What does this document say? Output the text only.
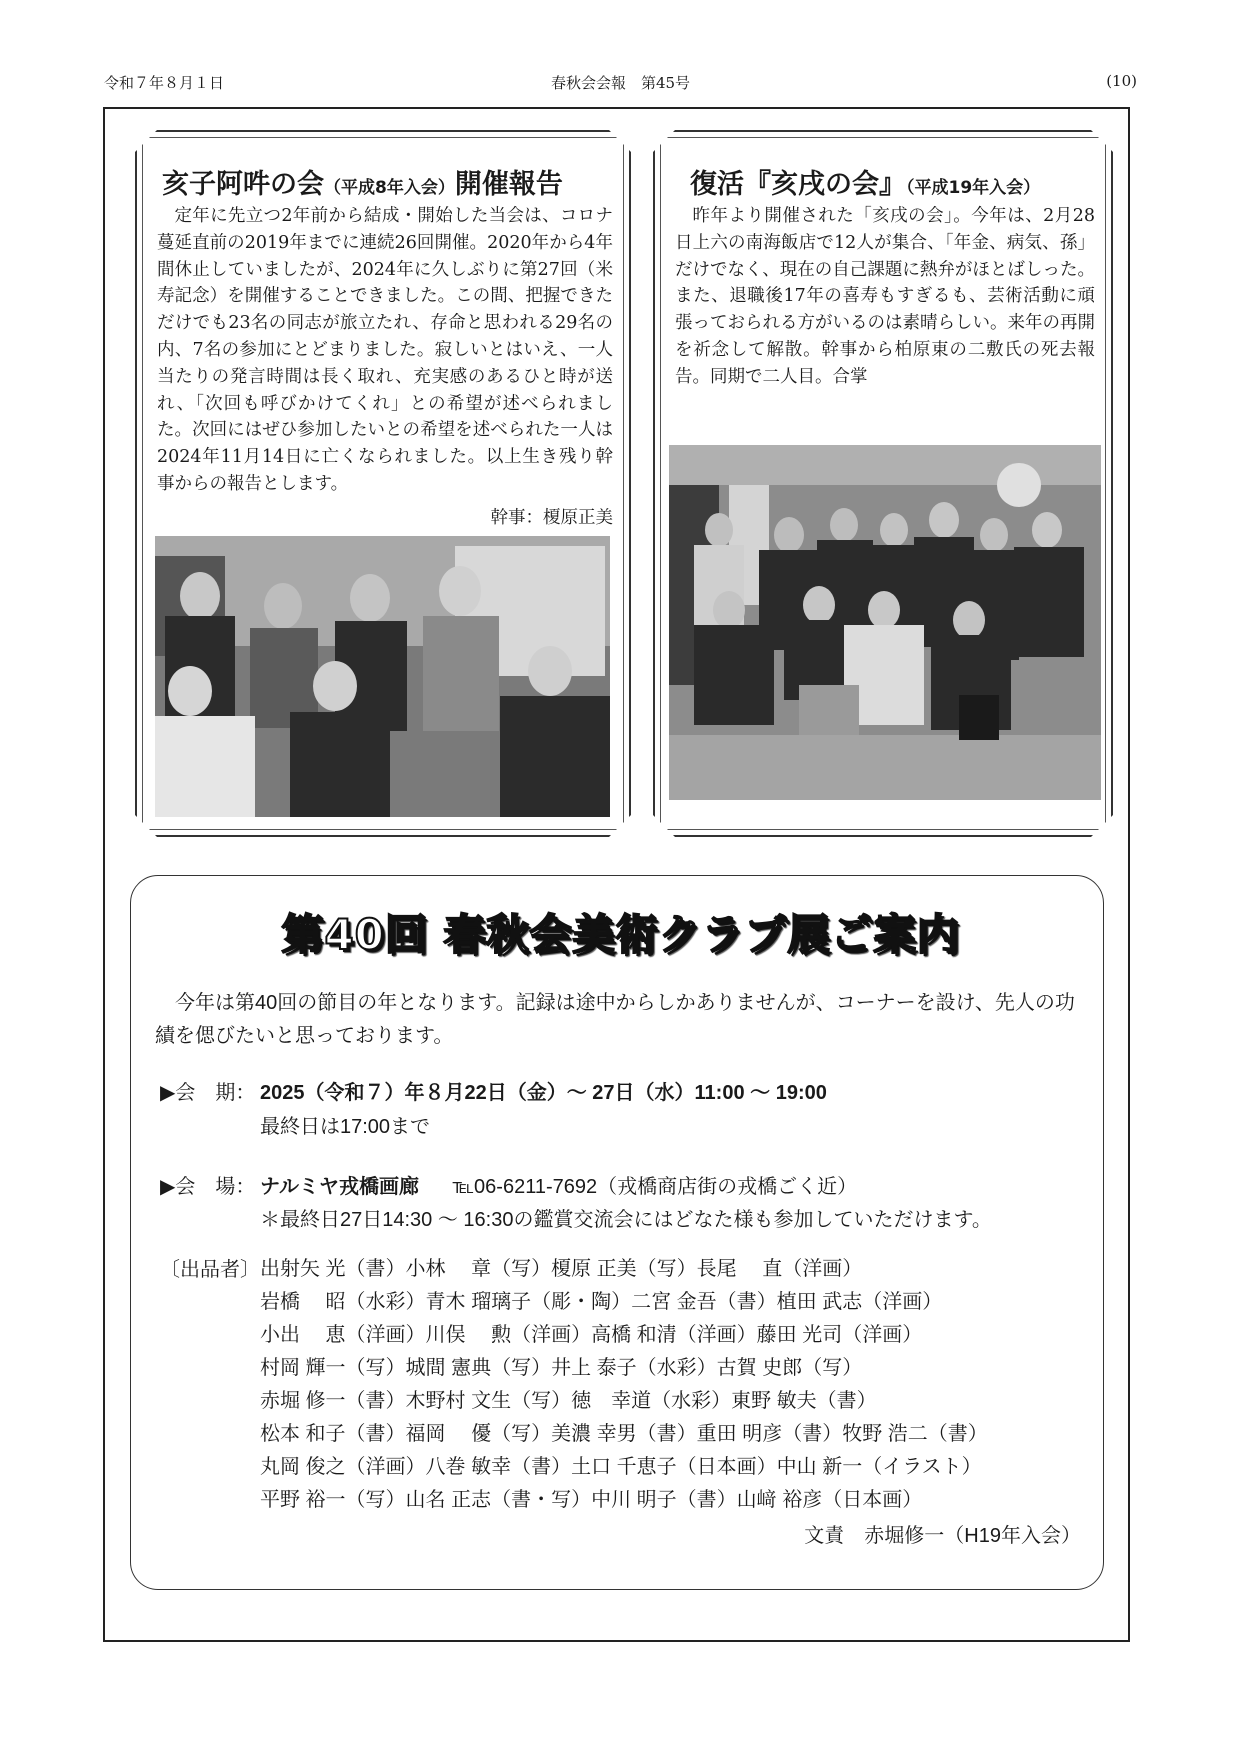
令和７年８月１日	春秋会会報　第45号	(10)
亥子阿吽の会（平成8年入会）開催報告

定年に先立つ2年前から結成・開始した当会は、コロナ蔓延直前の2019年までに連続26回開催。2020年から4年間休止していましたが、2024年に久しぶりに第27回（米寿記念）を開催することできました。この間、把握できただけでも23名の同志が旅立たれ、存命と思われる29名の内、7名の参加にとどまりました。寂しいとはいえ、一人当たりの発言時間は長く取れ、充実感のあるひと時が送れ、「次回も呼びかけてくれ」との希望が述べられました。次回にはぜひ参加したいとの希望を述べられた一人は2024年11月14日に亡くなられました。以上生き残り幹事からの報告とします。

幹事：榎原正美
復活『亥戌の会』（平成19年入会）

昨年より開催された「亥戌の会」。今年は、2月28日上六の南海飯店で12人が集合、「年金、病気、孫」だけでなく、現在の自己課題に熱弁がほとばしった。また、退職後17年の喜寿もすぎるも、芸術活動に頑張っておられる方がいるのは素晴らしい。来年の再開を祈念して解散。幹事から柏原東の二敷氏の死去報告。同期で二人目。合掌

第40回 春秋会美術クラブ展ご案内

今年は第40回の節目の年となります。記録は途中からしかありませんが、コーナーを設け、先人の功績を偲びたいと思っております。

▶会　期： 2025（令和７）年８月22日（金）～ 27日（水）11:00 ～ 19:00
最終日は17:00まで
▶会　場： ナルミヤ戎橋画廊 ℡06-6211-7692（戎橋商店街の戎橋ごく近）
＊最終日27日14:30 ～ 16:30の鑑賞交流会にはどなた様も参加していただけます。
〔出品者〕 出射矢 光（書）小林　 章（写）榎原 正美（写）長尾　 直（洋画）
岩橋　 昭（水彩）青木 瑠璃子（彫・陶）二宮 金吾（書）植田 武志（洋画）
小出　 恵（洋画）川俣　 勲（洋画）高橋 和清（洋画）藤田 光司（洋画）
村岡 輝一（写）城間 憲典（写）井上 泰子（水彩）古賀 史郎（写）
赤堀 修一（書）木野村 文生（写）徳　幸道（水彩）東野 敏夫（書）
松本 和子（書）福岡　 優（写）美濃 幸男（書）重田 明彦（書）牧野 浩二（書）
丸岡 俊之（洋画）八巻 敏幸（書）土口 千恵子（日本画）中山 新一（イラスト）
平野 裕一（写）山名 正志（書・写）中川 明子（書）山﨑 裕彦（日本画）
文責　赤堀修一（H19年入会）
